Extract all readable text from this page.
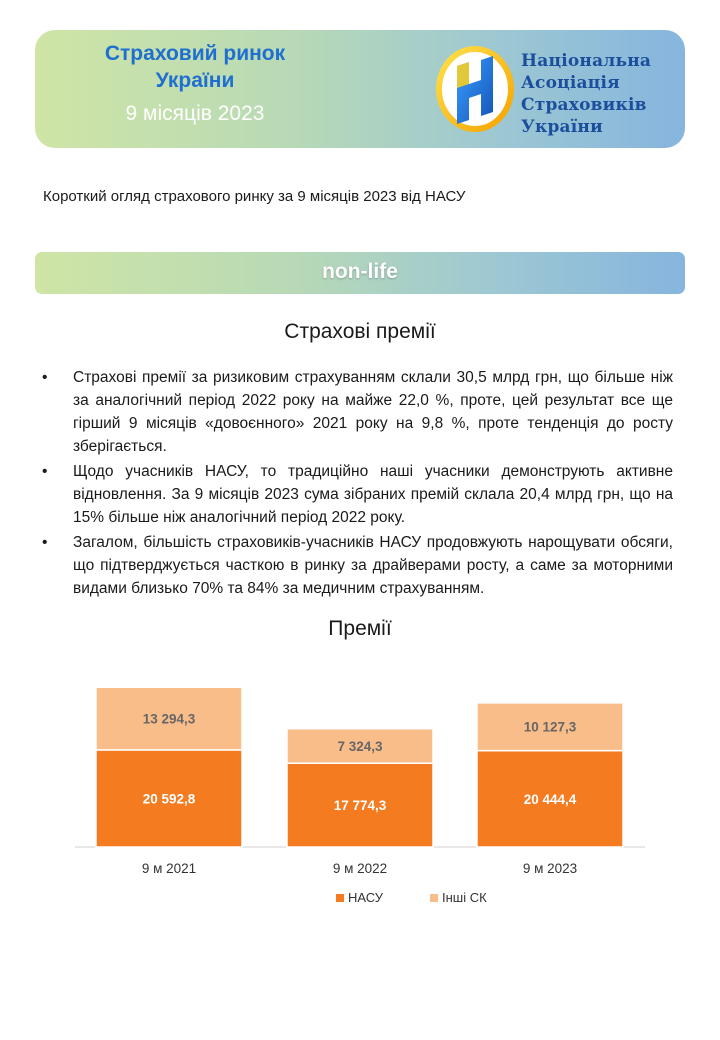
Страховий ринок
України
9 місяців 2023
Національна
Асоціація
Страховиків
України
Короткий огляд страхового ринку за 9 місяців 2023 від НАСУ
non-life
Страхові премії
• Страхові премії за ризиковим страхуванням склали 30,5 млрд грн, що більше ніж за аналогічний період 2022 року на майже 22,0 %, проте, цей результат все ще гірший 9 місяців «довоєнного» 2021 року на 9,8 %, проте тенденція до росту зберігається.
• Щодо учасників НАСУ, то традиційно наші учасники демонструють активне відновлення. За 9 місяців 2023 сума зібраних премій склала 20,4 млрд грн, що на 15% більше ніж аналогічний період 2022 року.
• Загалом, більшість страховиків-учасників НАСУ продовжують нарощувати обсяги, що підтверджується часткою в ринку за драйверами росту, а саме за моторними видами близько 70% та 84% за медичним страхуванням.
Премії
20 592,8
13 294,3
9 м 2021
17 774,3
7 324,3
9 м 2022
20 444,4
10 127,3
9 м 2023
НАСУ	Інші СК
